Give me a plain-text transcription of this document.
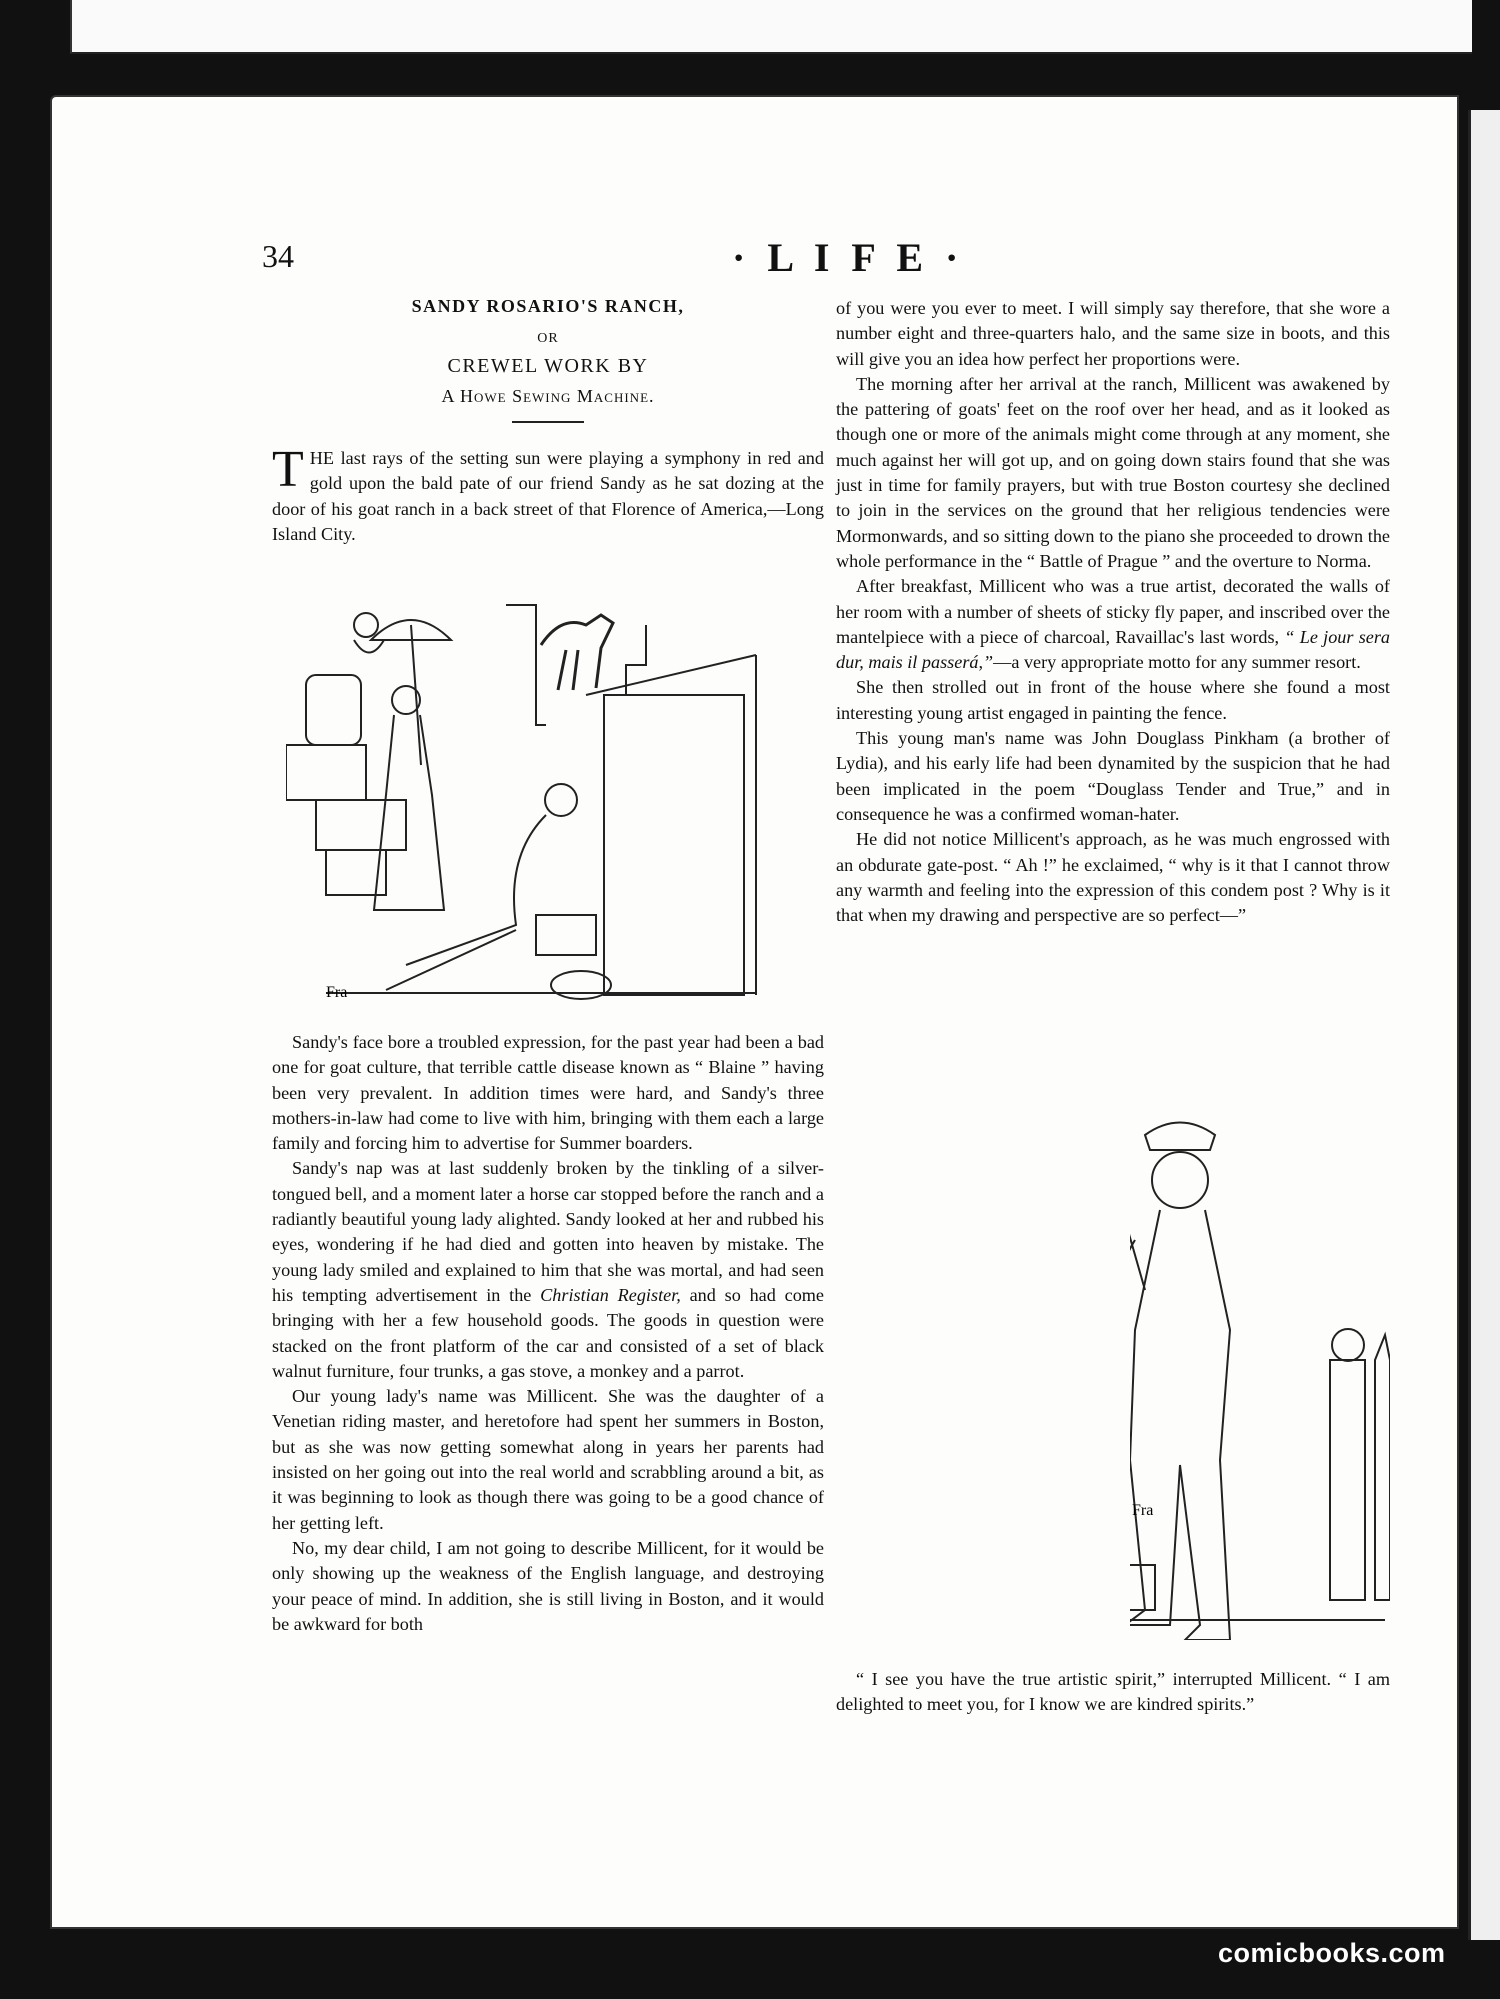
34	· L I F E ·
SANDY ROSARIO'S RANCH,
OR
CREWEL WORK BY
A Howe Sewing Machine.

THE last rays of the setting sun were playing a symphony in red and gold upon the bald pate of our friend Sandy as he sat dozing at the door of his goat ranch in a back street of that Florence of America,—Long Island City.

Fra

Sandy's face bore a troubled expression, for the past year had been a bad one for goat culture, that terrible cattle disease known as “ Blaine ” having been very prevalent. In addition times were hard, and Sandy's three mothers-in-law had come to live with him, bringing with them each a large family and forcing him to advertise for Summer boarders.

Sandy's nap was at last suddenly broken by the tinkling of a silver-tongued bell, and a moment later a horse car stopped before the ranch and a radiantly beautiful young lady alighted. Sandy looked at her and rubbed his eyes, wondering if he had died and gotten into heaven by mistake. The young lady smiled and explained to him that she was mortal, and had seen his tempting advertisement in the Christian Register, and so had come bringing with her a few household goods. The goods in question were stacked on the front platform of the car and consisted of a set of black walnut furniture, four trunks, a gas stove, a monkey and a parrot.

Our young lady's name was Millicent. She was the daughter of a Venetian riding master, and heretofore had spent her summers in Boston, but as she was now getting somewhat along in years her parents had insisted on her going out into the real world and scrabbling around a bit, as it was beginning to look as though there was going to be a good chance of her getting left.

No, my dear child, I am not going to describe Millicent, for it would be only showing up the weakness of the English language, and destroying your peace of mind. In addition, she is still living in Boston, and it would be awkward for both

of you were you ever to meet. I will simply say therefore, that she wore a number eight and three-quarters halo, and the same size in boots, and this will give you an idea how perfect her proportions were.

The morning after her arrival at the ranch, Millicent was awakened by the pattering of goats' feet on the roof over her head, and as it looked as though one or more of the animals might come through at any moment, she much against her will got up, and on going down stairs found that she was just in time for family prayers, but with true Boston courtesy she declined to join in the services on the ground that her religious tendencies were Mormonwards, and so sitting down to the piano she proceeded to drown the whole performance in the “ Battle of Prague ” and the overture to Norma.

After breakfast, Millicent who was a true artist, decorated the walls of her room with a number of sheets of sticky fly paper, and inscribed over the mantelpiece with a piece of charcoal, Ravaillac's last words, “ Le jour sera dur, mais il passerá,”—a very appropriate motto for any summer resort.

She then strolled out in front of the house where she found a most interesting young artist engaged in painting the fence.

This young man's name was John Douglass Pinkham (a brother of Lydia), and his early life had been dynamited by the suspicion that he had been implicated in the poem “Douglass Tender and True,” and in consequence he was a confirmed woman-hater.

He did not notice Millicent's approach, as he was much engrossed with an obdurate gate-post. “ Ah !” he exclaimed, “ why is it that I cannot throw any warmth and feeling into the expression of this condem post ? Why is it that when my drawing and perspective are so perfect—”

Fra

“ I see you have the true artistic spirit,” interrupted Millicent. “ I am delighted to meet you, for I know we are kindred spirits.”

comicbooks.com
